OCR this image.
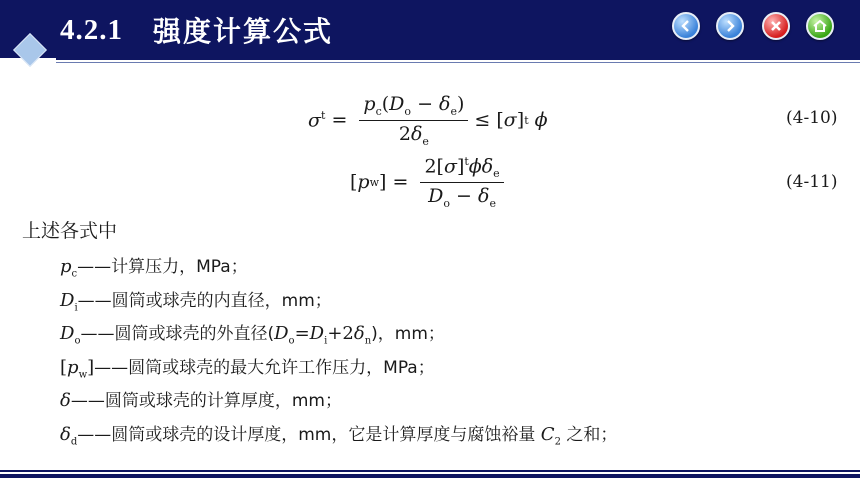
4.2.1 强度计算公式
$\sigma^t = \frac{p_c(D_o - \delta_e)}{2\delta_e}$ ≤ [ σ ] t ϕ	(4-10)
[ p w ] = $\frac{2[\sigma]^t\phi\delta_e}{D_o - \delta_e}$	(4-11)
上述各式中
$p_c——$计算压力，MPa；
$D_i——$圆筒或球壳的内直径，mm；
$D_o——$圆筒或球壳的外直径$(D_o=D_i+2\delta_n)$，mm；
$[p_w]——$圆筒或球壳的最大允许工作压力，MPa；
δ——圆筒或球壳的计算厚度，mm；
$\delta_d——$圆筒或球壳的设计厚度，mm，它是计算厚度与腐蚀裕量 $C_2$ 之和；
